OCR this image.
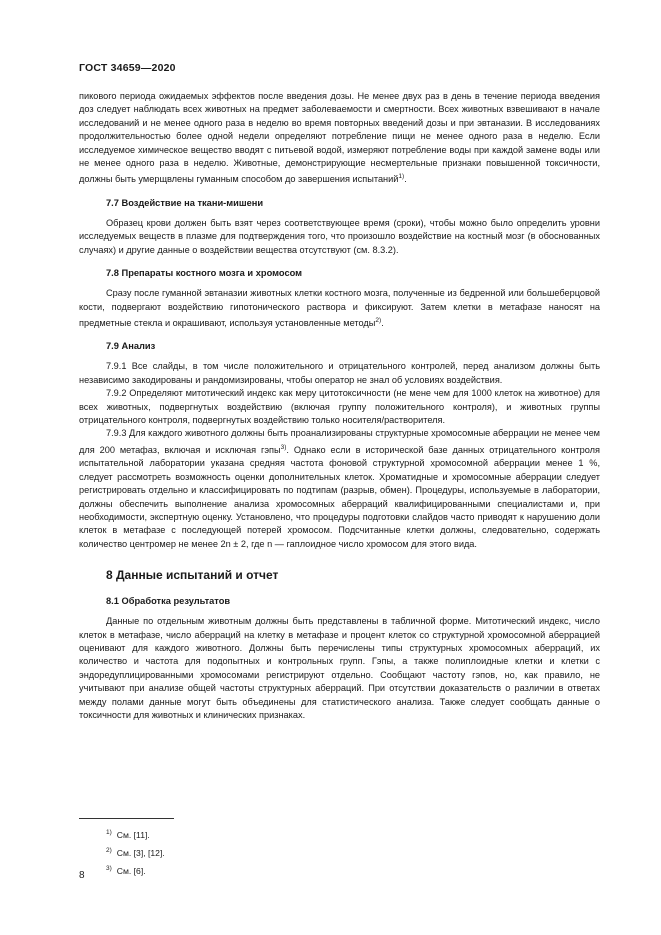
ГОСТ 34659—2020

пикового периода ожидаемых эффектов после введения дозы. Не менее двух раз в день в течение периода введения доз следует наблюдать всех животных на предмет заболеваемости и смертности. Всех животных взвешивают в начале исследований и не менее одного раза в неделю во время повторных введений дозы и при эвтаназии. В исследованиях продолжительностью более одной недели определяют потребление пищи не менее одного раза в неделю. Если исследуемое химическое вещество вводят с питьевой водой, измеряют потребление воды при каждой замене воды или не менее одного раза в неделю. Животные, демонстрирующие несмертельные признаки повышенной токсичности, должны быть умерщвлены гуманным способом до завершения испытаний$^{1)}$.

7.7 Воздействие на ткани-мишени

Образец крови должен быть взят через соответствующее время (сроки), чтобы можно было определить уровни исследуемых веществ в плазме для подтверждения того, что произошло воздействие на костный мозг (в обоснованных случаях) и другие данные о воздействии вещества отсутствуют (см. 8.3.2).

7.8 Препараты костного мозга и хромосом

Сразу после гуманной эвтаназии животных клетки костного мозга, полученные из бедренной или большеберцовой кости, подвергают воздействию гипотонического раствора и фиксируют. Затем клетки в метафазе наносят на предметные стекла и окрашивают, используя установленные методы$^{2)}$.

7.9 Анализ

7.9.1 Все слайды, в том числе положительного и отрицательного контролей, перед анализом должны быть независимо закодированы и рандомизированы, чтобы оператор не знал об условиях воздействия.

7.9.2 Определяют митотический индекс как меру цитотоксичности (не мене чем для 1000 клеток на животное) для всех животных, подвергнутых воздействию (включая группу положительного контроля), и животных группы отрицательного контроля, подвергнутых воздействию только носителя/растворителя.

7.9.3 Для каждого животного должны быть проанализированы структурные хромосомные аберрации не менее чем для 200 метафаз, включая и исключая гэпы$^{3)}$. Однако если в исторической базе данных отрицательного контроля испытательной лаборатории указана средняя частота фоновой структурной хромосомной аберрации менее 1 %, следует рассмотреть возможность оценки дополнительных клеток. Хроматидные и хромосомные аберрации следует регистрировать отдельно и классифицировать по подтипам (разрыв, обмен). Процедуры, используемые в лаборатории, должны обеспечить выполнение анализа хромосомных аберраций квалифицированными специалистами и, при необходимости, экспертную оценку. Установлено, что процедуры подготовки слайдов часто приводят к нарушению доли клеток в метафазе с последующей потерей хромосом. Подсчитанные клетки должны, следовательно, содержать количество центромер не менее 2n ± 2, где n — гаплоидное число хромосом для этого вида.

8 Данные испытаний и отчет
8.1 Обработка результатов

Данные по отдельным животным должны быть представлены в табличной форме. Митотический индекс, число клеток в метафазе, число аберраций на клетку в метафазе и процент клеток со структурной хромосомной аберрацией оценивают для каждого животного. Должны быть перечислены типы структурных хромосомных аберраций, их количество и частота для подопытных и контрольных групп. Гэпы, а также полиплоидные клетки и клетки с эндоредуплицированными хромосомами регистрируют отдельно. Сообщают частоту гэпов, но, как правило, не учитывают при анализе общей частоты структурных аберраций. При отсутствии доказательств о различии в ответах между полами данные могут быть объединены для статистического анализа. Также следует сообщать данные о токсичности для животных и клинических признаках.

$^{1)}$ См. [11].
$^{2)}$ См. [3], [12].
$^{3)}$ См. [6].
8
